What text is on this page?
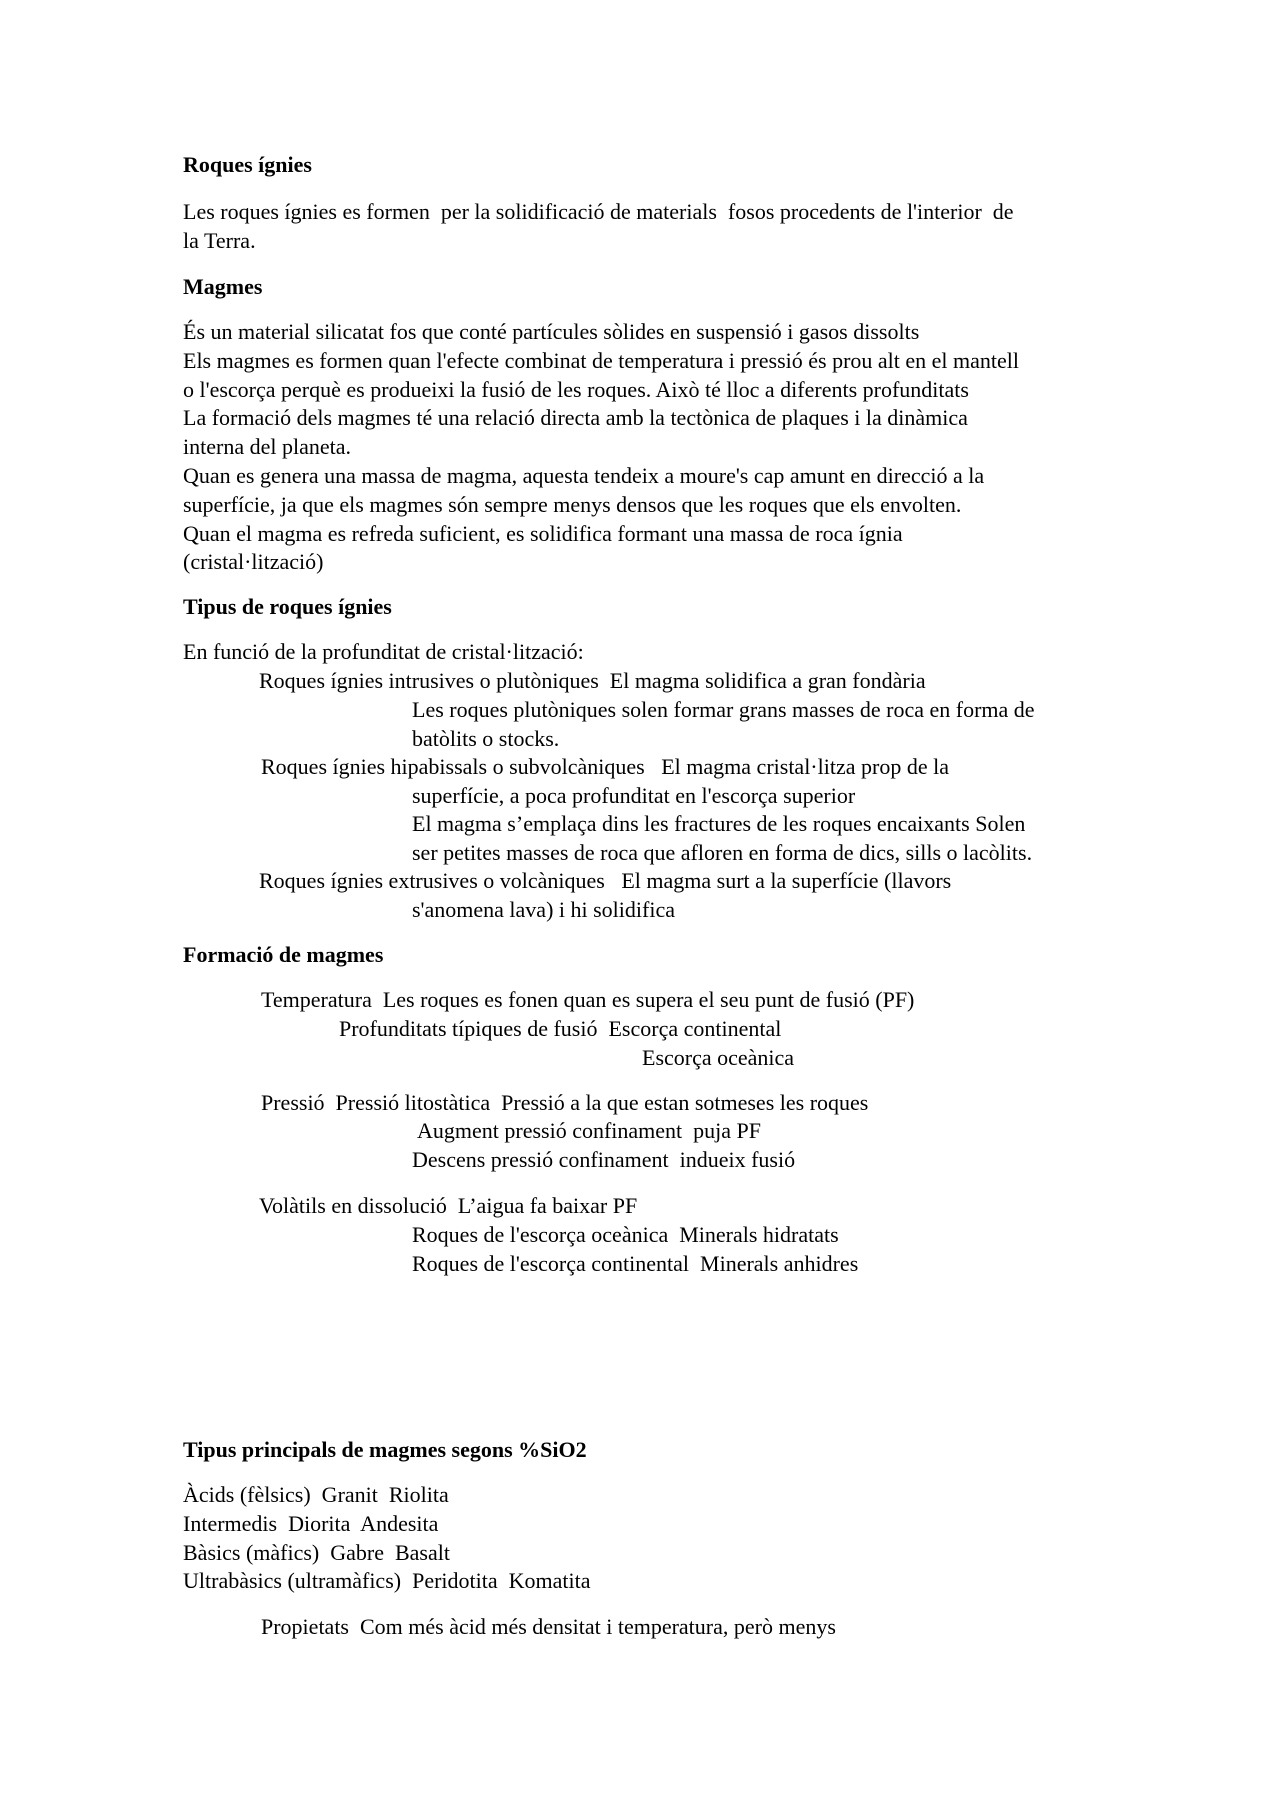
Roques ígnies
Les roques ígnies es formen  per la solidificació de materials  fosos procedents de l'interior  de
la Terra.
Magmes
És un material silicatat fos que conté partícules sòlides en suspensió i gasos dissolts
Els magmes es formen quan l'efecte combinat de temperatura i pressió és prou alt en el mantell
o l'escorça perquè es produeixi la fusió de les roques. Això té lloc a diferents profunditats
La formació dels magmes té una relació directa amb la tectònica de plaques i la dinàmica
interna del planeta.
Quan es genera una massa de magma, aquesta tendeix a moure's cap amunt en direcció a la
superfície, ja que els magmes són sempre menys densos que les roques que els envolten.
Quan el magma es refreda suficient, es solidifica formant una massa de roca ígnia
(cristal·lització)
Tipus de roques ígnies
En funció de la profunditat de cristal·lització:
Roques ígnies intrusives o plutòniques  El magma solidifica a gran fondària
Les roques plutòniques solen formar grans masses de roca en forma de
batòlits o stocks.
Roques ígnies hipabissals o subvolcàniques   El magma cristal·litza prop de la
superfície, a poca profunditat en l'escorça superior
El magma s’emplaça dins les fractures de les roques encaixants Solen
ser petites masses de roca que afloren en forma de dics, sills o lacòlits.
Roques ígnies extrusives o volcàniques   El magma surt a la superfície (llavors
s'anomena lava) i hi solidifica
Formació de magmes
Temperatura  Les roques es fonen quan es supera el seu punt de fusió (PF)
Profunditats típiques de fusió  Escorça continental
Escorça oceànica
Pressió  Pressió litostàtica  Pressió a la que estan sotmeses les roques
Augment pressió confinament  puja PF
Descens pressió confinament  indueix fusió
Volàtils en dissolució  L’aigua fa baixar PF
Roques de l'escorça oceànica  Minerals hidratats
Roques de l'escorça continental  Minerals anhidres
Tipus principals de magmes segons %SiO2
Àcids (fèlsics)  Granit  Riolita
Intermedis  Diorita  Andesita
Bàsics (màfics)  Gabre  Basalt
Ultrabàsics (ultramàfics)  Peridotita  Komatita
Propietats  Com més àcid més densitat i temperatura, però menys
